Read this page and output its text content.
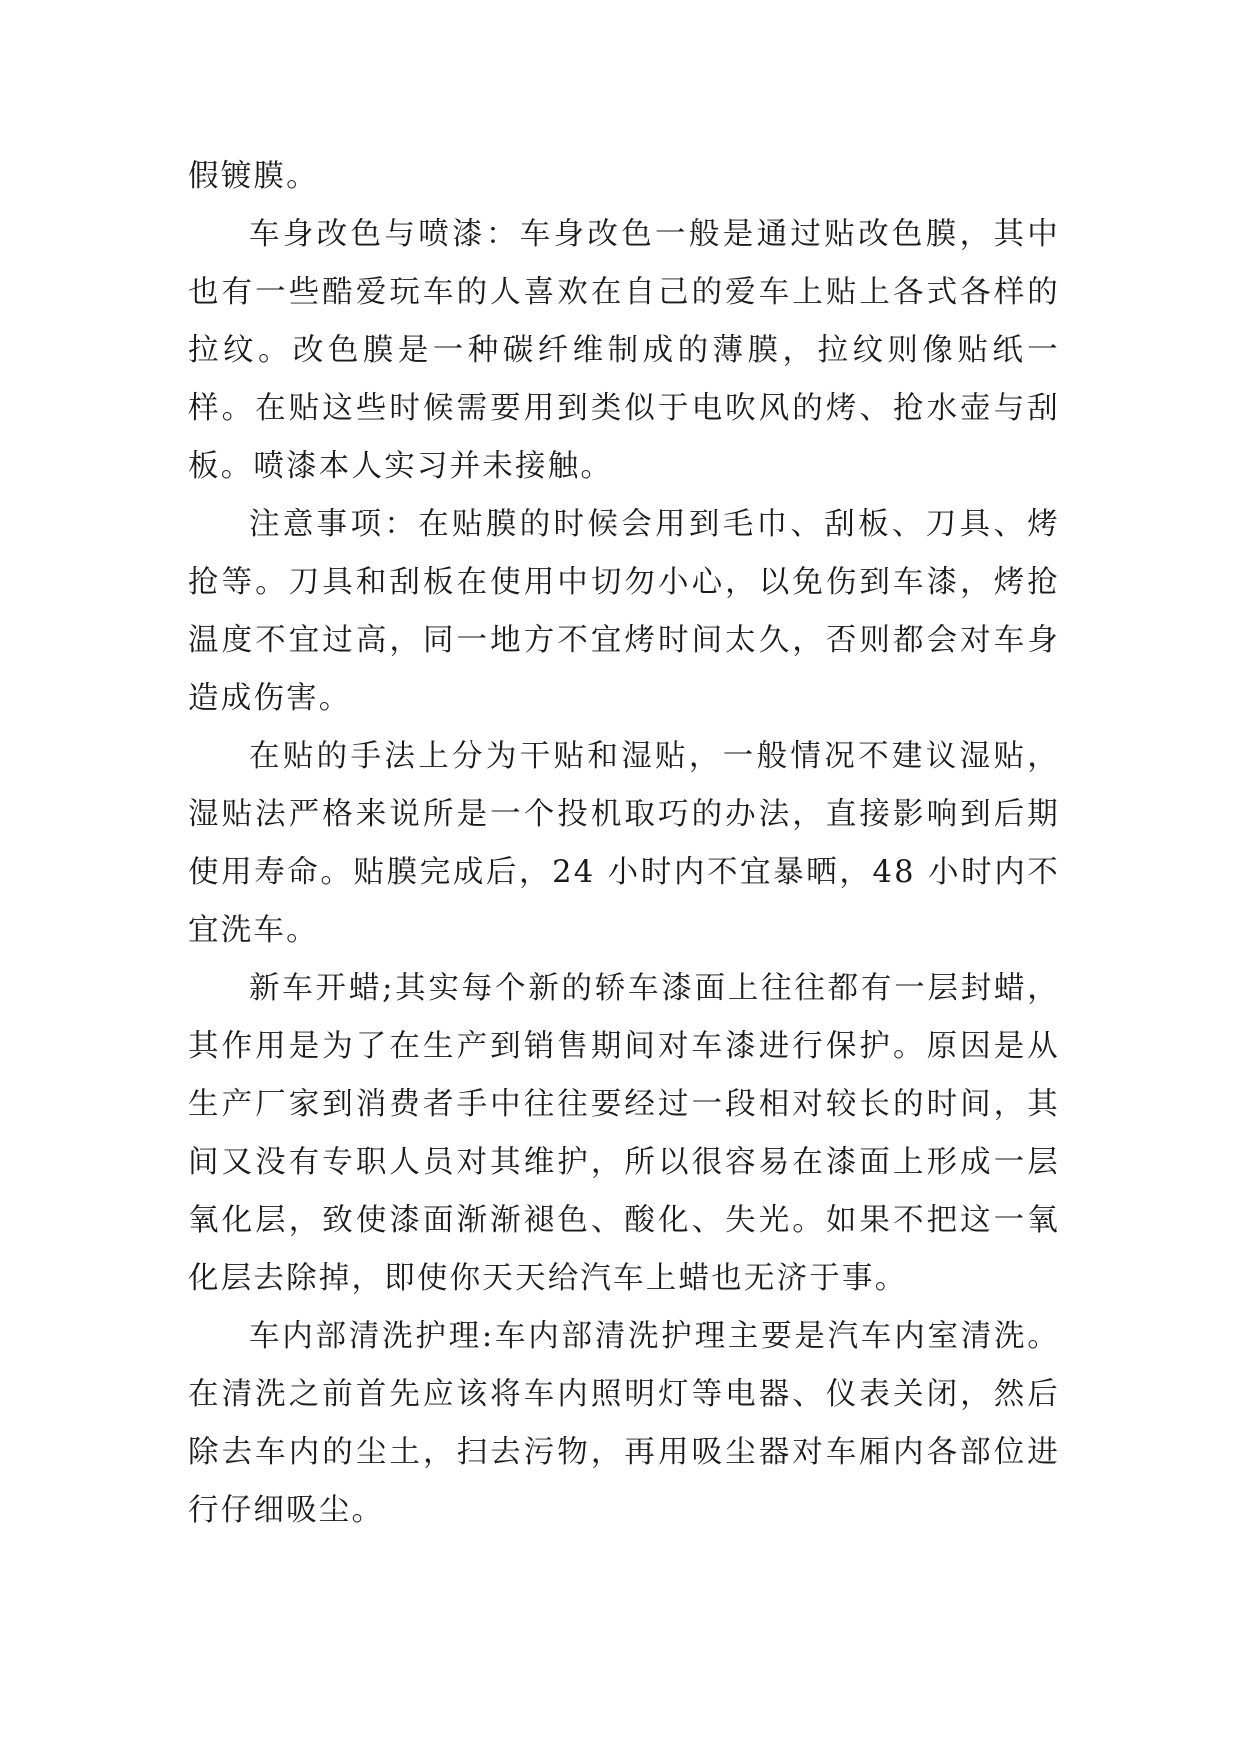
假镀膜。

车身改色与喷漆：车身改色一般是通过贴改色膜，其中也有一些酷爱玩车的人喜欢在自己的爱车上贴上各式各样的拉纹。改色膜是一种碳纤维制成的薄膜，拉纹则像贴纸一样。在贴这些时候需要用到类似于电吹风的烤、抢水壶与刮板。喷漆本人实习并未接触。

注意事项：在贴膜的时候会用到毛巾、刮板、刀具、烤抢等。刀具和刮板在使用中切勿小心，以免伤到车漆，烤抢温度不宜过高，同一地方不宜烤时间太久，否则都会对车身造成伤害。

在贴的手法上分为干贴和湿贴，一般情况不建议湿贴，湿贴法严格来说所是一个投机取巧的办法，直接影响到后期使用寿命。贴膜完成后，24 小时内不宜暴晒，48 小时内不宜洗车。

新车开蜡;其实每个新的轿车漆面上往往都有一层封蜡，其作用是为了在生产到销售期间对车漆进行保护。原因是从生产厂家到消费者手中往往要经过一段相对较长的时间，其间又没有专职人员对其维护，所以很容易在漆面上形成一层氧化层，致使漆面渐渐褪色、酸化、失光。如果不把这一氧化层去除掉，即使你天天给汽车上蜡也无济于事。

车内部清洗护理:车内部清洗护理主要是汽车内室清洗。在清洗之前首先应该将车内照明灯等电器、仪表关闭，然后除去车内的尘土，扫去污物，再用吸尘器对车厢内各部位进行仔细吸尘。
